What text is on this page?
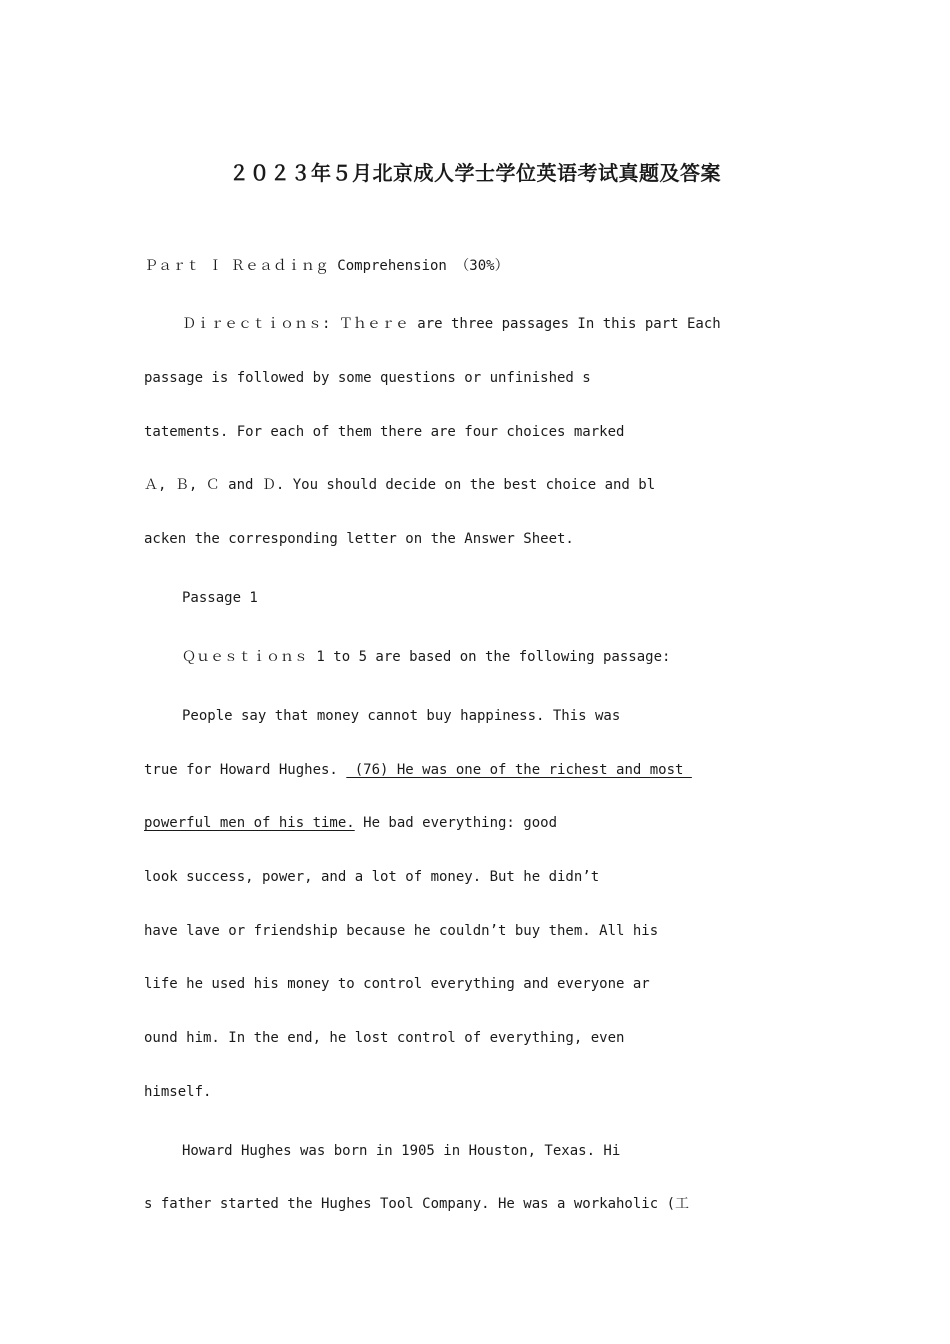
２０２３年５月北京成人学士学位英语考试真题及答案
Ｐａｒｔ Ｉ Ｒｅａｄｉｎｇ Comprehension （30%）
Ｄｉｒｅｃｔｉｏｎｓ: Ｔｈｅｒｅ are three passages In this part Each
passage is followed by some questions or unfinished s
tatements. For each of them there are four choices marked
Ａ, Ｂ, Ｃ and Ｄ. You should decide on the best choice and bl
acken the corresponding letter on the Answer Sheet.
Passage 1
Ｑｕｅｓｔｉｏｎｓ 1 to 5 are based on the following passage:
People say that money cannot buy happiness. This was
true for Howard Hughes.  (76) He was one of the richest and most
powerful men of his time. He bad everything: good
look success, power, and a lot of money. But he didn’t
have lave or friendship because he couldn’t buy them. All his
life he used his money to control everything and everyone ar
ound him. In the end, he lost control of everything, even
himself.
Howard Hughes was born in 1905 in Houston, Texas. Hi
s father started the Hughes Tool Company. He was a workaholic (工
